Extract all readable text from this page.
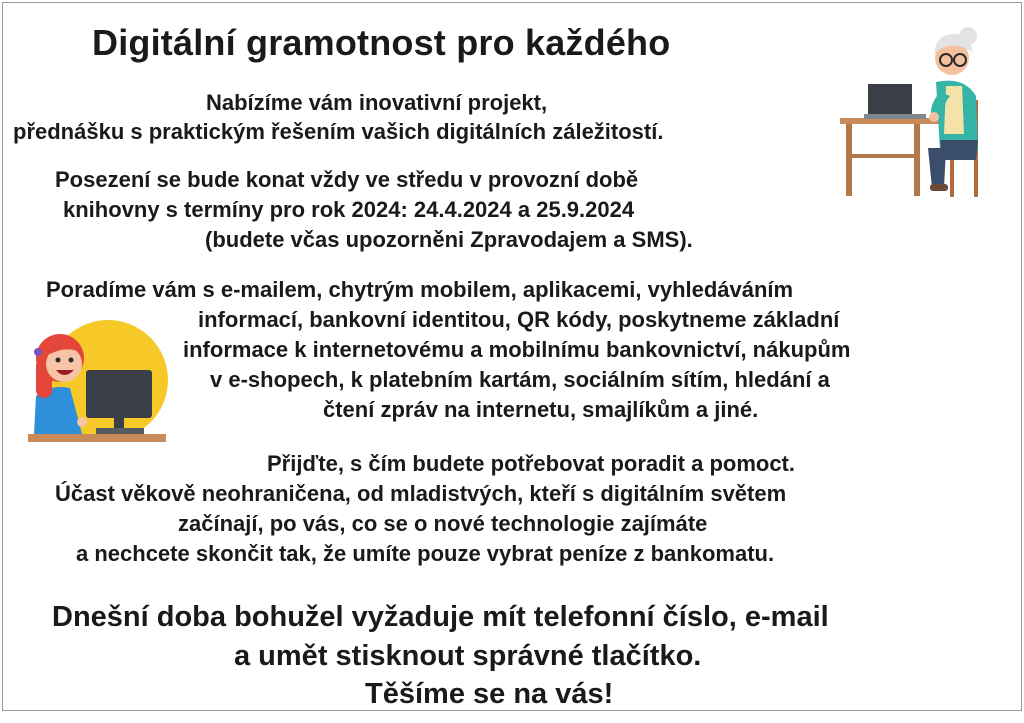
Digitální gramotnost pro každého
Nabízíme vám inovativní projekt,
přednášku s praktickým řešením vašich digitálních záležitostí.
Posezení se bude konat vždy ve středu v provozní době
knihovny s termíny pro rok 2024: 24.4.2024 a 25.9.2024
(budete včas upozorněni Zpravodajem a SMS).
Poradíme vám s e-mailem, chytrým mobilem, aplikacemi, vyhledáváním
informací, bankovní identitou, QR kódy, poskytneme základní
informace k internetovému a mobilnímu bankovnictví, nákupům
v e-shopech, k platebním kartám, sociálním sítím, hledání a
čtení zpráv na internetu, smajlíkům a jiné.
Přijďte, s čím budete potřebovat poradit a pomoct.
Účast věkově neohraničena, od mladistvých, kteří s digitálním světem
začínají, po vás, co se o nové technologie zajímáte
a nechcete skončit tak, že umíte pouze vybrat peníze z bankomatu.
Dnešní doba bohužel vyžaduje mít telefonní číslo, e-mail
a umět stisknout správné tlačítko.
Těšíme se na vás!
